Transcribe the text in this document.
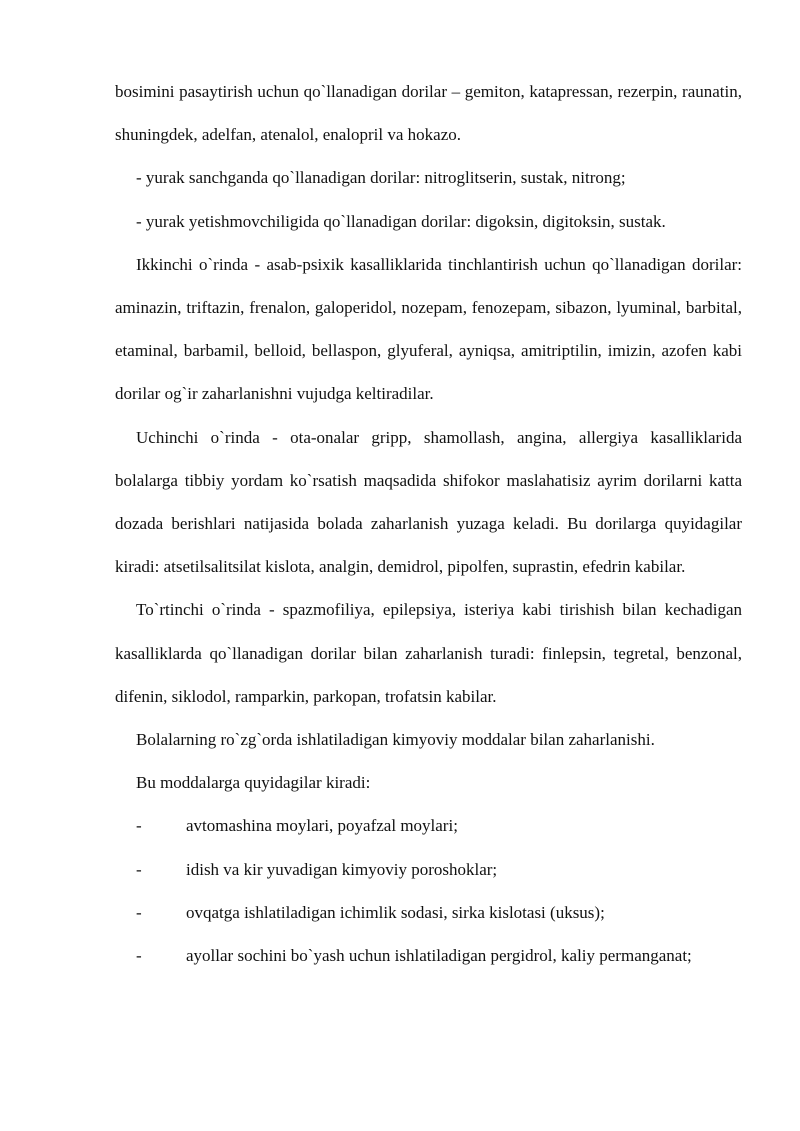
bosimini pasaytirish uchun qo`llanadigan dorilar – gemiton, katapressan, rezerpin, raunatin, shuningdek, adelfan, atenalol, enalopril va hokazo.

- yurak sanchganda qo`llanadigan dorilar: nitroglitserin, sustak, nitrong;

- yurak yetishmovchiligida qo`llanadigan dorilar: digoksin, digitoksin, sustak.

Ikkinchi o`rinda - asab-psixik kasalliklarida tinchlantirish uchun qo`llanadigan dorilar: aminazin, triftazin, frenalon, galoperidol, nozepam, fenozepam, sibazon, lyuminal, barbital, etaminal, barbamil, belloid, bellaspon, glyuferal, ayniqsa, amitriptilin, imizin, azofen kabi dorilar og`ir zaharlanishni vujudga keltiradilar.

Uchinchi o`rinda - ota-onalar gripp, shamollash, angina, allergiya kasalliklarida bolalarga tibbiy yordam ko`rsatish maqsadida shifokor maslahatisiz ayrim dorilarni katta dozada berishlari natijasida bolada zaharlanish yuzaga keladi. Bu dorilarga quyidagilar kiradi: atsetilsalitsilat kislota, analgin, demidrol, pipolfen, suprastin, efedrin kabilar.

To`rtinchi o`rinda - spazmofiliya, epilepsiya, isteriya kabi tirishish bilan kechadigan kasalliklarda qo`llanadigan dorilar bilan zaharlanish turadi: finlepsin, tegretal, benzonal, difenin, siklodol, ramparkin, parkopan, trofatsin kabilar.

Bolalarning ro`zg`orda ishlatiladigan kimyoviy moddalar bilan zaharlanishi.

Bu moddalarga quyidagilar kiradi:

-	avtomashina moylari, poyafzal moylari;
-	idish va kir yuvadigan kimyoviy poroshoklar;
-	ovqatga ishlatiladigan ichimlik sodasi, sirka kislotasi (uksus);
-	ayollar sochini bo`yash uchun ishlatiladigan pergidrol, kaliy permanganat;
